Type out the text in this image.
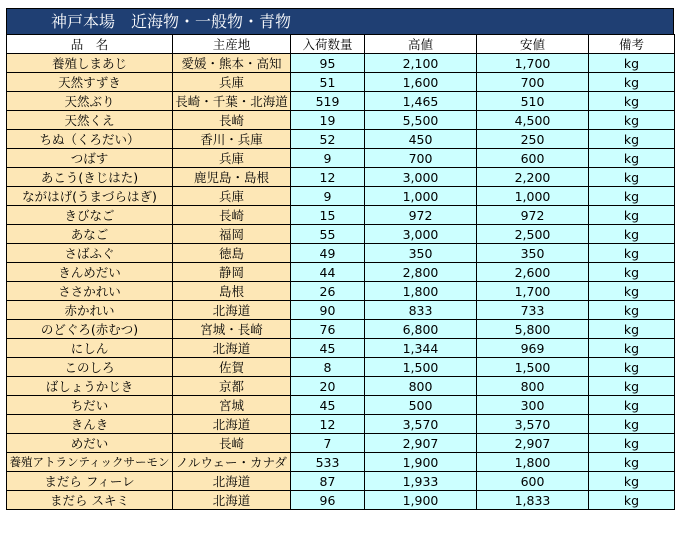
神戸本場　近海物・一般物・青物
品　名	主産地	入荷数量	高値	安値	備考
養殖しまあじ	愛媛・熊本・高知	95	2,100	1,700	kg
天然すずき	兵庫	51	1,600	700	kg
天然ぶり	長崎・千葉・北海道	519	1,465	510	kg
天然くえ	長崎	19	5,500	4,500	kg
ちぬ（くろだい）	香川・兵庫	52	450	250	kg
つばす	兵庫	9	700	600	kg
あこう(きじはた)	鹿児島・島根	12	3,000	2,200	kg
ながはげ(うまづらはぎ)	兵庫	9	1,000	1,000	kg
きびなご	長崎	15	972	972	kg
あなご	福岡	55	3,000	2,500	kg
さばふぐ	徳島	49	350	350	kg
きんめだい	静岡	44	2,800	2,600	kg
ささかれい	島根	26	1,800	1,700	kg
赤かれい	北海道	90	833	733	kg
のどぐろ(赤むつ)	宮城・長崎	76	6,800	5,800	kg
にしん	北海道	45	1,344	969	kg
このしろ	佐賀	8	1,500	1,500	kg
ばしょうかじき	京都	20	800	800	kg
ちだい	宮城	45	500	300	kg
きんき	北海道	12	3,570	3,570	kg
めだい	長崎	7	2,907	2,907	kg
養殖アトランティックサーモン	ノルウェー・カナダ	533	1,900	1,800	kg
まだら フィーレ	北海道	87	1,933	600	kg
まだら スキミ	北海道	96	1,900	1,833	kg
